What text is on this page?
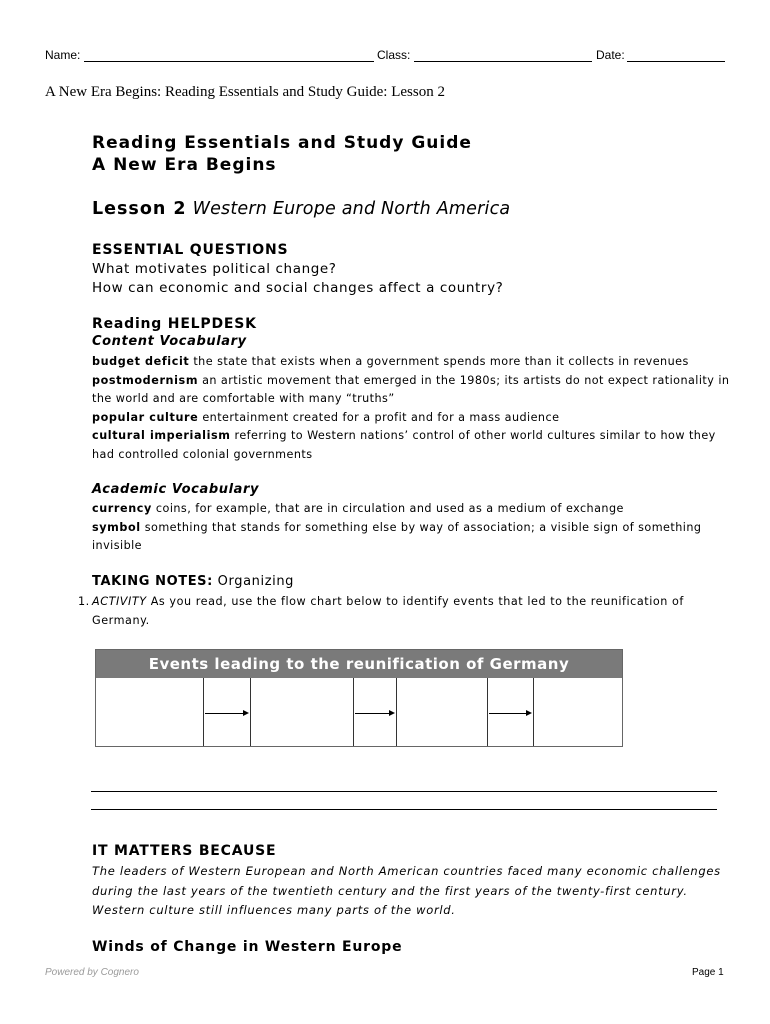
Name:	Class:	Date:
A New Era Begins: Reading Essentials and Study Guide: Lesson 2
Reading Essentials and Study Guide
A New Era Begins
Lesson 2 Western Europe and North America
ESSENTIAL QUESTIONS
What motivates political change?
How can economic and social changes affect a country?
Reading HELPDESK
Content Vocabulary
budget deficit the state that exists when a government spends more than it collects in revenues
postmodernism an artistic movement that emerged in the 1980s; its artists do not expect rationality in the world and are comfortable with many “truths”
popular culture entertainment created for a profit and for a mass audience
cultural imperialism referring to Western nations’ control of other world cultures similar to how they had controlled colonial governments
Academic Vocabulary
currency coins, for example, that are in circulation and used as a medium of exchange
symbol something that stands for something else by way of association; a visible sign of something invisible
TAKING NOTES: Organizing
1. ACTIVITY As you read, use the flow chart below to identify events that led to the reunification of Germany.
Events leading to the reunification of Germany
IT MATTERS BECAUSE
The leaders of Western European and North American countries faced many economic challenges during the last years of the twentieth century and the first years of the twenty-first century. Western culture still influences many parts of the world.
Winds of Change in Western Europe
Powered by Cognero	Page 1
